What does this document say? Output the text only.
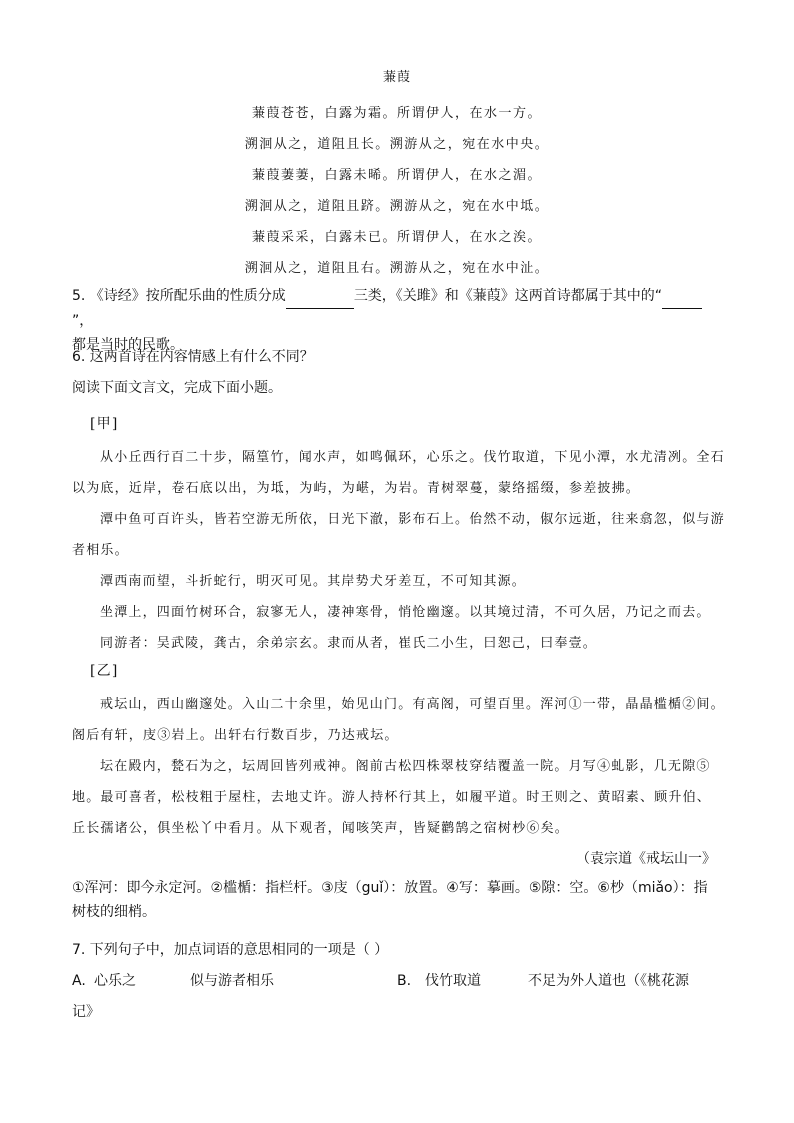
蒹葭
蒹葭苍苍，白露为霜。所谓伊人，在水一方。
溯洄从之，道阻且长。溯游从之，宛在水中央。
蒹葭萋萋，白露未晞。所谓伊人，在水之湄。
溯洄从之，道阻且跻。溯游从之，宛在水中坻。
蒹葭采采，白露未已。所谓伊人，在水之涘。
溯洄从之，道阻且右。溯游从之，宛在水中沚。
5. 《诗经》按所配乐曲的性质分成	三类，《关雎》和《蒹葭》这两首诗都属于其中的“ ”，
都是当时的民歌。
6. 这两首诗在内容情感上有什么不同？
阅读下面文言文，完成下面小题。
[甲]
从小丘西行百二十步，隔篁竹，闻水声，如鸣佩环，心乐之。伐竹取道，下见小潭，水尤清冽。全石
以为底，近岸，卷石底以出，为坻，为屿，为嵁，为岩。青树翠蔓，蒙络摇缀，参差披拂。
潭中鱼可百许头，皆若空游无所依，日光下澈，影布石上。佁然不动，俶尔远逝，往来翕忽，似与游
者相乐。
潭西南而望，斗折蛇行，明灭可见。其岸势犬牙差互，不可知其源。
坐潭上，四面竹树环合，寂寥无人，凄神寒骨，悄怆幽邃。以其境过清，不可久居，乃记之而去。
同游者：吴武陵，龚古，余弟宗玄。隶而从者，崔氏二小生，曰恕己，曰奉壹。
[乙]
戒坛山，西山幽邃处。入山二十余里，始见山门。有高阁，可望百里。浑河①一带，晶晶槛楯②间。
阁后有轩，庋③岩上。出轩右行数百步，乃达戒坛。
坛在殿内，甃石为之，坛周回皆列戒神。阁前古松四株翠枝穿结覆盖一院。月写④虬影，几无隙⑤
地。最可喜者，松枝粗于屋柱，去地丈许。游人持杯行其上，如履平道。时王则之、黄昭素、顾升伯、
丘长孺诸公，俱坐松丫中看月。从下观者，闻咳笑声，皆疑鹳鹄之宿树杪⑥矣。
（袁宗道《戒坛山一》
①浑河：即今永定河。②槛楯：指栏杆。③庋（guǐ）：放置。④写：摹画。⑤隙：空。⑥杪（miǎo）：指
树枝的细梢。
7. 下列句子中，加点词语的意思相同的一项是（ ）
A. 心乐之	似与游者相乐	B. 伐竹取道	不足为外人道也（《桃花源
记》
